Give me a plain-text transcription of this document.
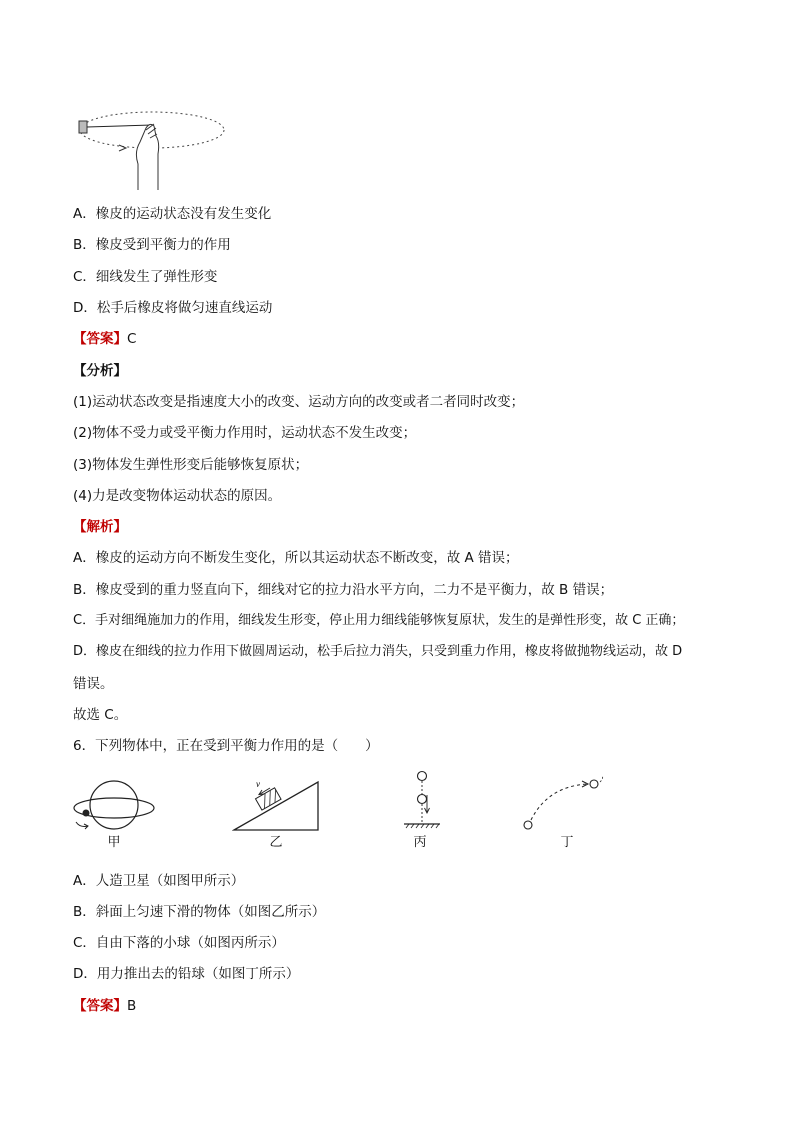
A．橡皮的运动状态没有发生变化
B．橡皮受到平衡力的作用
C．细线发生了弹性形变
D．松手后橡皮将做匀速直线运动
【答案】C
【分析】
(1)运动状态改变是指速度大小的改变、运动方向的改变或者二者同时改变；
(2)物体不受力或受平衡力作用时，运动状态不发生改变；
(3)物体发生弹性形变后能够恢复原状；
(4)力是改变物体运动状态的原因。
【解析】
A．橡皮的运动方向不断发生变化，所以其运动状态不断改变，故 A 错误；
B．橡皮受到的重力竖直向下，细线对它的拉力沿水平方向，二力不是平衡力，故 B 错误；
C．手对细绳施加力的作用，细线发生形变，停止用力细线能够恢复原状，发生的是弹性形变，故 C 正确；
D．橡皮在细线的拉力作用下做圆周运动，松手后拉力消失，只受到重力作用，橡皮将做抛物线运动，故 D
错误。
故选 C。
6．下列物体中，正在受到平衡力作用的是（　　）
甲
v
乙	丙	丁
A．人造卫星（如图甲所示）
B．斜面上匀速下滑的物体（如图乙所示）
C．自由下落的小球（如图丙所示）
D．用力推出去的铅球（如图丁所示）
【答案】B
